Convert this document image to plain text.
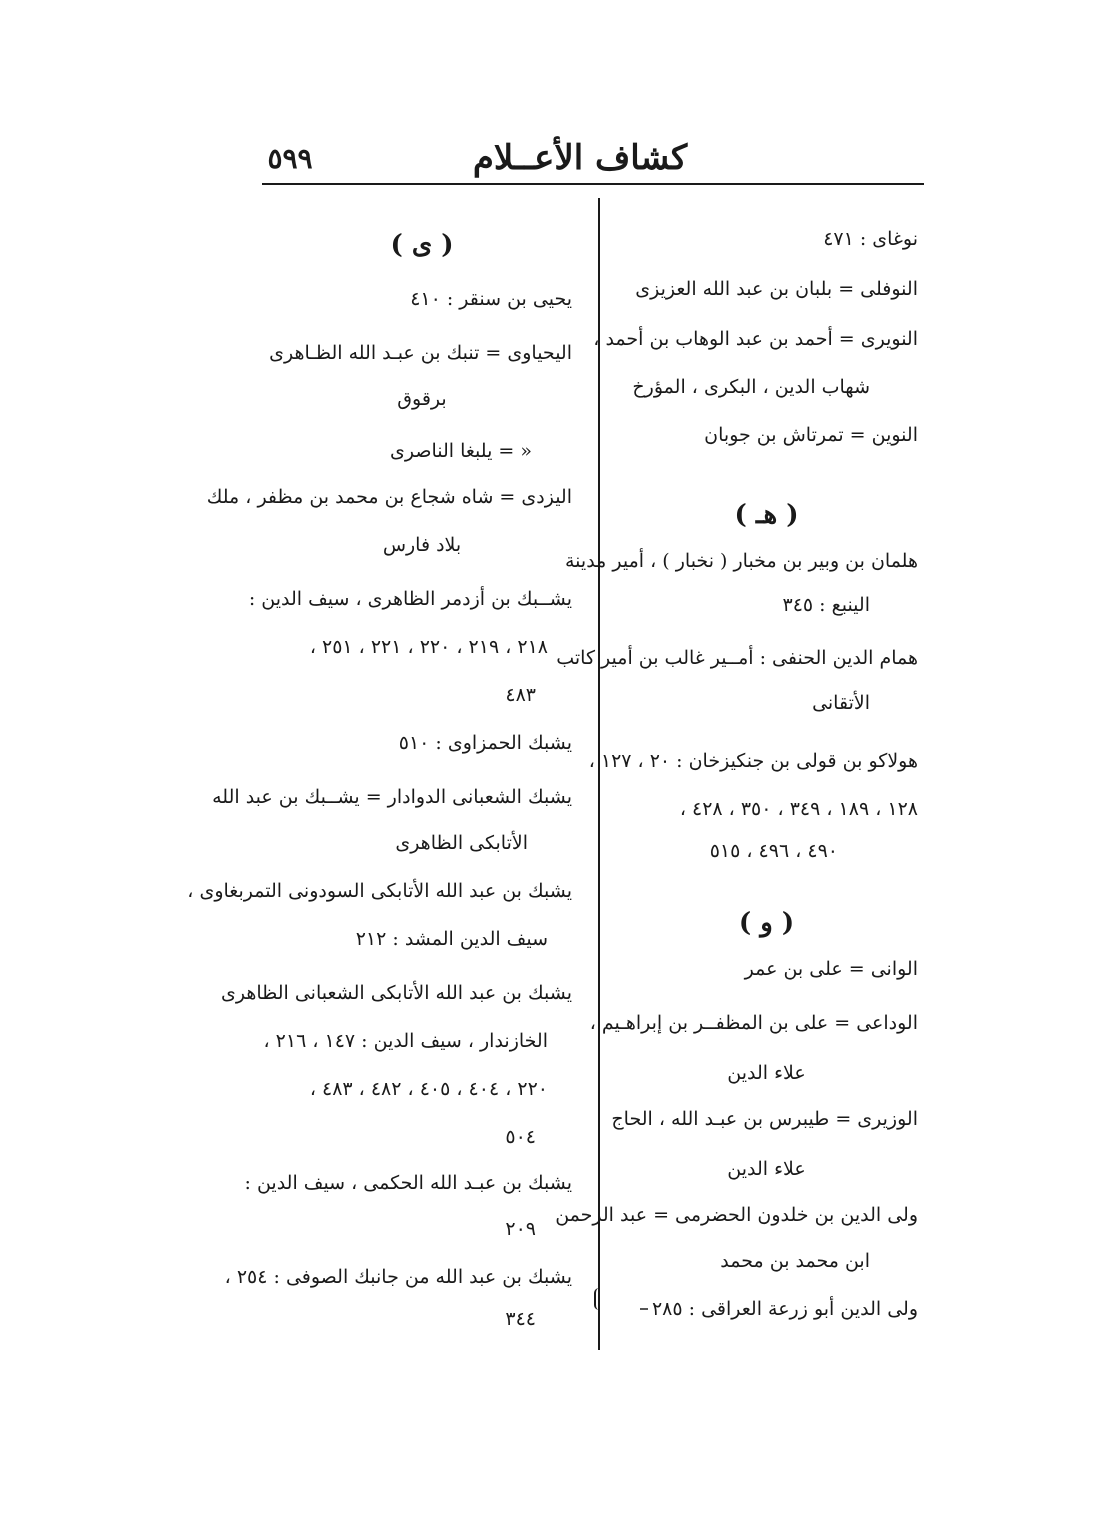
كشاف الأعــلام
٥٩٩
نوغاى : ٤٧١
النوفلى = بلبان بن عبد الله العزيزى
النويرى = أحمد بن عبد الوهاب بن أحمد ،
شهاب الدين ، البكرى ، المؤرخ
النوين = تمرتاش بن جوبان
( هـ )
هلمان بن وبير بن مخبار ( نخبار ) ، أمير مدينة
الينبع : ٣٤٥
همام الدين الحنفى : أمــير غالب بن أمير كاتب
الأتقانى
هولاكو بن قولى بن جنكيزخان : ٢٠ ، ١٢٧ ،
١٢٨ ، ١٨٩ ، ٣٤٩ ، ٣٥٠ ، ٤٢٨ ،
٤٩٠ ، ٤٩٦ ، ٥١٥
( و )
الوانى = على بن عمر
الوداعى = على بن المظفــر بن إبراهـيم ،
علاء الدين
الوزيرى = طيبرس بن عبـد الله ، الحاج
علاء الدين
ولى الدين بن خلدون الحضرمى = عبد الرحمن
ابن محمد بن محمد
ولى الدين أبو زرعة العراقى : ٢٨٥
( ى )
يحيى بن سنقر : ٤١٠
اليحياوى = تنبك بن عبـد الله الظـاهرى
برقوق
« = يلبغا الناصرى
اليزدى = شاه شجاع بن محمد بن مظفر ، ملك
بلاد فارس
يشــبك بن أزدمر الظاهرى ، سيف الدين :
٢١٨ ، ٢١٩ ، ٢٢٠ ، ٢٢١ ، ٢٥١ ،
٤٨٣
يشبك الحمزاوى : ٥١٠
يشبك الشعبانى الدوادار = يشــبك بن عبد الله
الأتابكى الظاهرى
يشبك بن عبد الله الأتابكى السودونى التمربغاوى ،
سيف الدين المشد : ٢١٢
يشبك بن عبد الله الأتابكى الشعبانى الظاهرى
الخازندار ، سيف الدين : ١٤٧ ، ٢١٦ ،
٢٢٠ ، ٤٠٤ ، ٤٠٥ ، ٤٨٢ ، ٤٨٣ ،
٥٠٤
يشبك بن عبـد الله الحكمى ، سيف الدين :
٢٠٩
يشبك بن عبد الله من جانبك الصوفى : ٢٥٤ ،
٣٤٤
